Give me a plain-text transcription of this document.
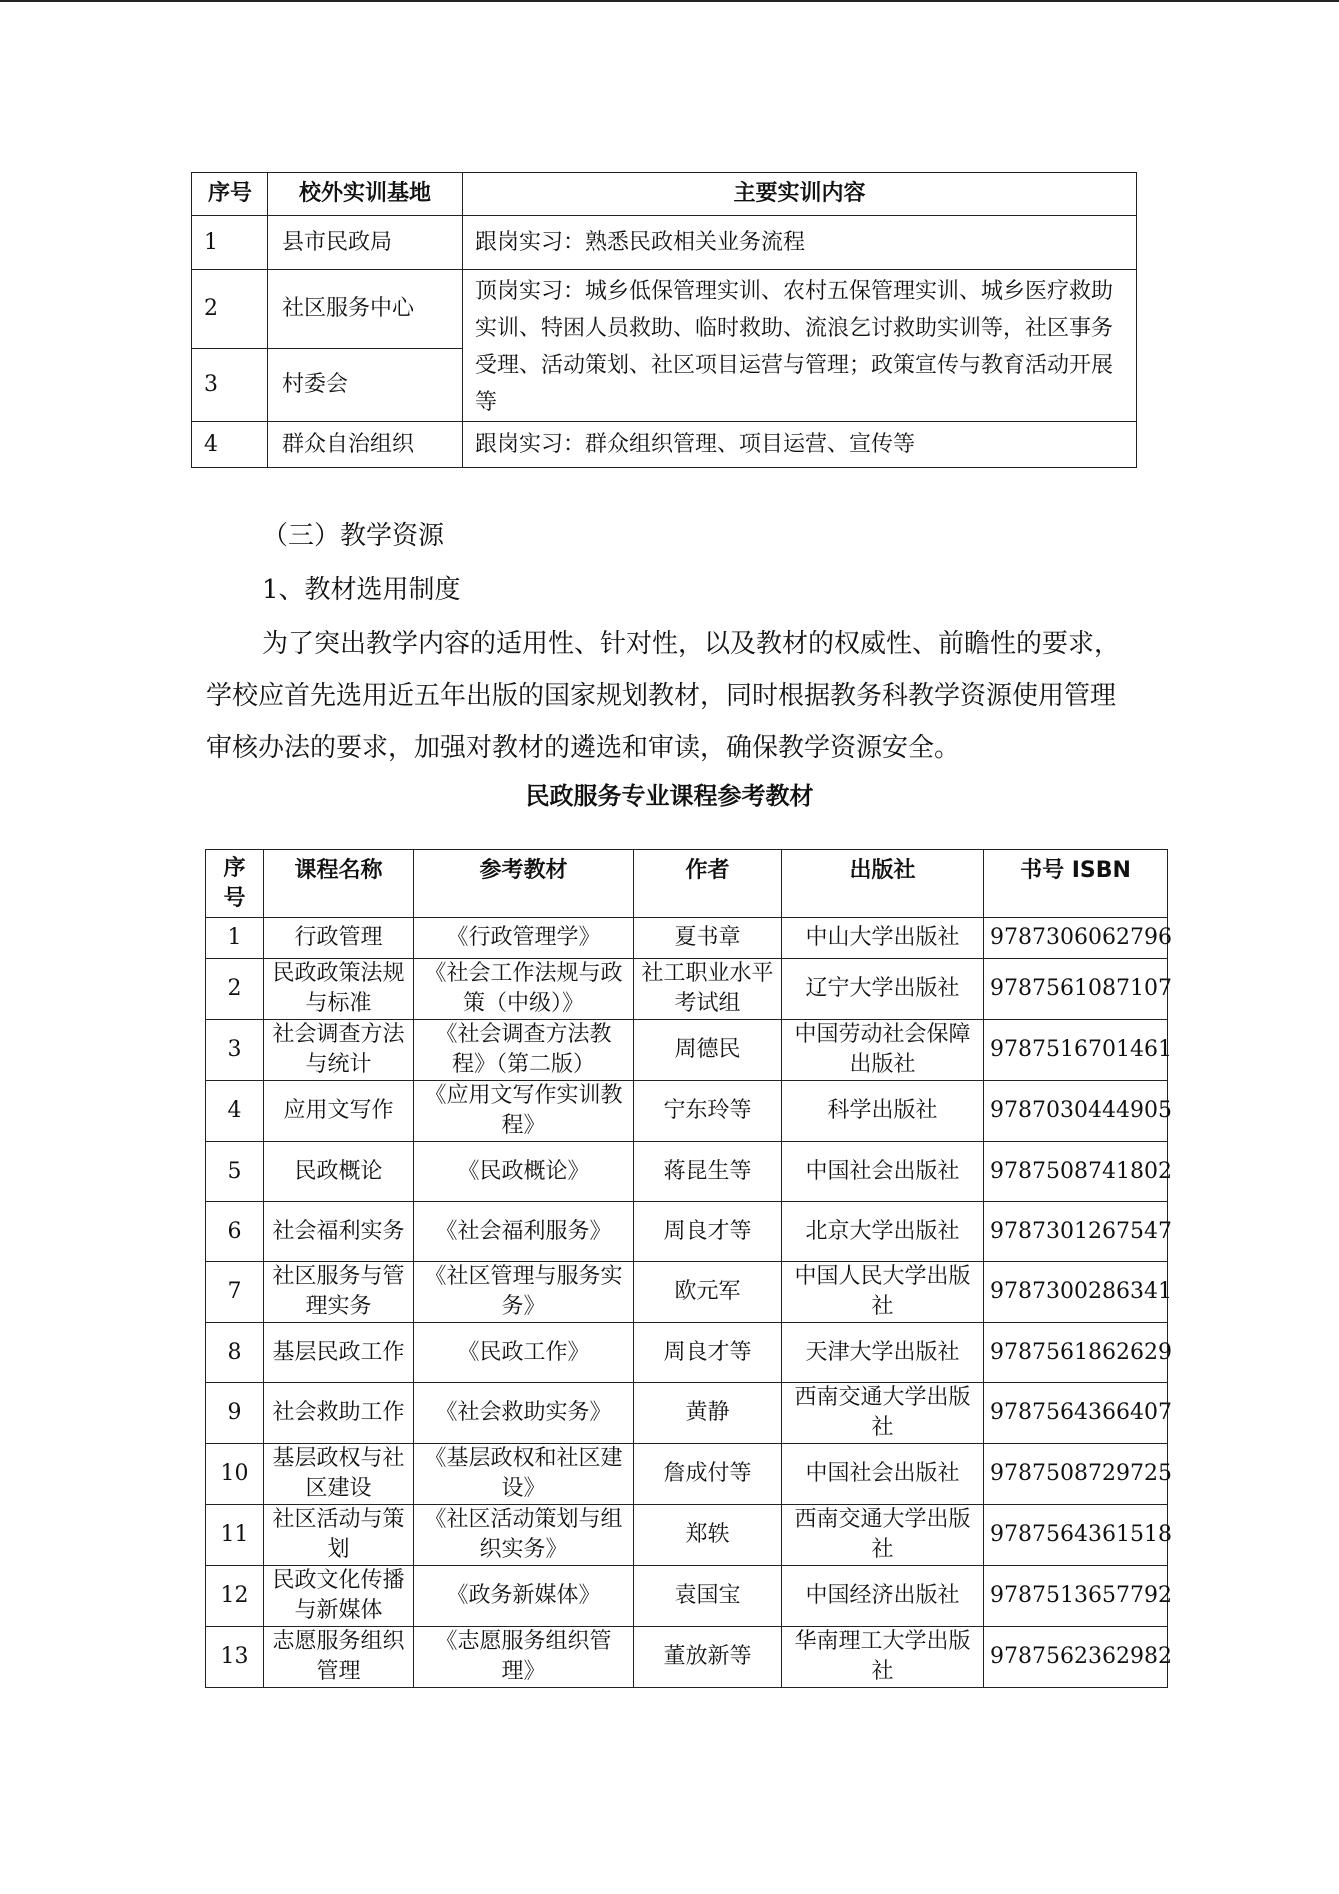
序号	校外实训基地	主要实训内容
1	县市民政局	跟岗实习：熟悉民政相关业务流程
2	社区服务中心	顶岗实习：城乡低保管理实训、农村五保管理实训、城乡医疗救助实训、特困人员救助、临时救助、流浪乞讨救助实训等，社区事务受理、活动策划、社区项目运营与管理；政策宣传与教育活动开展等
3	村委会	
4	群众自治组织	跟岗实习：群众组织管理、项目运营、宣传等

（三）教学资源

1、教材选用制度

为了突出教学内容的适用性、针对性，以及教材的权威性、前瞻性的要求，
学校应首先选用近五年出版的国家规划教材，同时根据教务科教学资源使用管理
审核办法的要求，加强对教材的遴选和审读，确保教学资源安全。

民政服务专业课程参考教材
序号	课程名称	参考教材	作者	出版社	书号 ISBN
1	行政管理	《行政管理学》	夏书章	中山大学出版社	9787306062796
2	民政政策法规与标准	《社会工作法规与政策（中级）》	社工职业水平考试组	辽宁大学出版社	9787561087107
3	社会调查方法与统计	《社会调查方法教程》（第二版）	周德民	中国劳动社会保障出版社	9787516701461
4	应用文写作	《应用文写作实训教程》	宁东玲等	科学出版社	9787030444905
5	民政概论	《民政概论》	蒋昆生等	中国社会出版社	9787508741802
6	社会福利实务	《社会福利服务》	周良才等	北京大学出版社	9787301267547
7	社区服务与管理实务	《社区管理与服务实务》	欧元军	中国人民大学出版社	9787300286341
8	基层民政工作	《民政工作》	周良才等	天津大学出版社	9787561862629
9	社会救助工作	《社会救助实务》	黄静	西南交通大学出版社	9787564366407
10	基层政权与社区建设	《基层政权和社区建设》	詹成付等	中国社会出版社	9787508729725
11	社区活动与策划	《社区活动策划与组织实务》	郑轶	西南交通大学出版社	9787564361518
12	民政文化传播与新媒体	《政务新媒体》	袁国宝	中国经济出版社	9787513657792
13	志愿服务组织管理	《志愿服务组织管理》	董放新等	华南理工大学出版社	9787562362982
